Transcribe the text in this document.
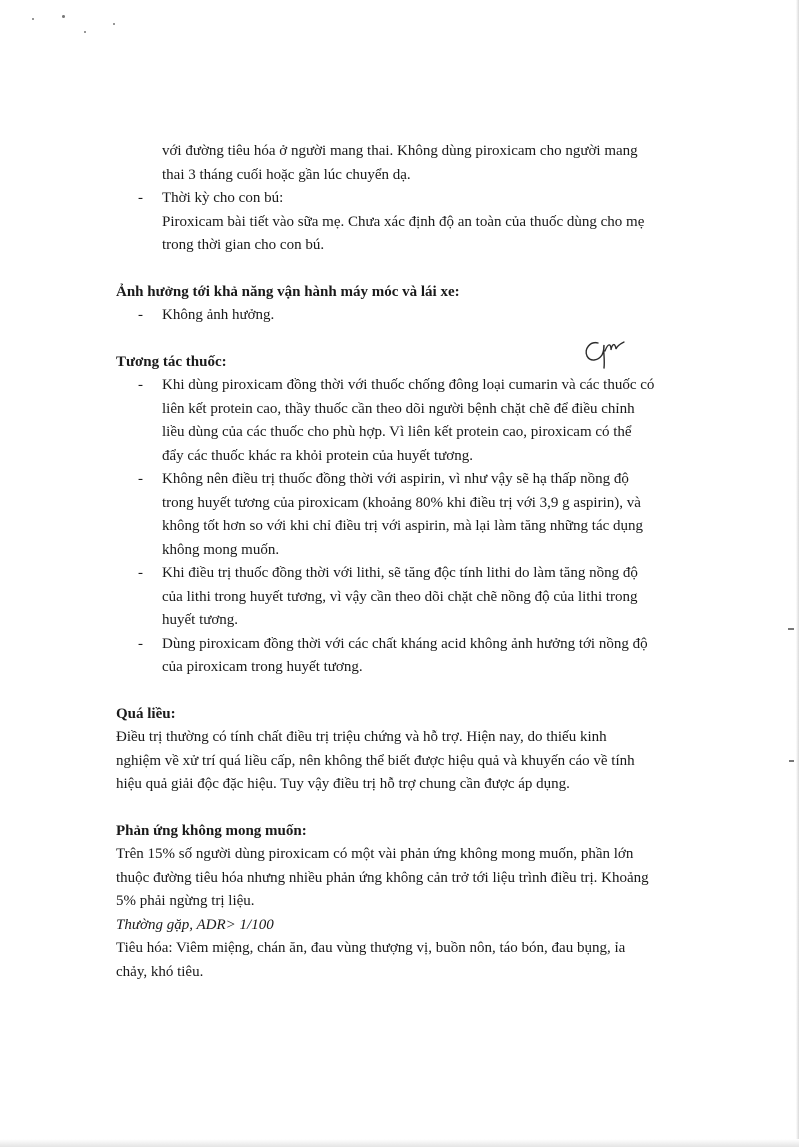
với đường tiêu hóa ở người mang thai. Không dùng piroxicam cho người mang
thai 3 tháng cuối hoặc gần lúc chuyển dạ.
- Thời kỳ cho con bú:
Piroxicam bài tiết vào sữa mẹ. Chưa xác định độ an toàn của thuốc dùng cho mẹ
trong thời gian cho con bú.
Ảnh hưởng tới khả năng vận hành máy móc và lái xe:
- Không ảnh hưởng.
Tương tác thuốc:
- Khi dùng piroxicam đồng thời với thuốc chống đông loại cumarin và các thuốc có
liên kết protein cao, thầy thuốc cần theo dõi người bệnh chặt chẽ để điều chỉnh
liều dùng của các thuốc cho phù hợp. Vì liên kết protein cao, piroxicam có thể
đẩy các thuốc khác ra khỏi protein của huyết tương.
- Không nên điều trị thuốc đồng thời với aspirin, vì như vậy sẽ hạ thấp nồng độ
trong huyết tương của piroxicam (khoảng 80% khi điều trị với 3,9 g aspirin), và
không tốt hơn so với khi chỉ điều trị với aspirin, mà lại làm tăng những tác dụng
không mong muốn.
- Khi điều trị thuốc đồng thời với lithi, sẽ tăng độc tính lithi do làm tăng nồng độ
của lithi trong huyết tương, vì vậy cần theo dõi chặt chẽ nồng độ của lithi trong
huyết tương.
- Dùng piroxicam đồng thời với các chất kháng acid không ảnh hưởng tới nồng độ
của piroxicam trong huyết tương.
Quá liều:
Điều trị thường có tính chất điều trị triệu chứng và hỗ trợ. Hiện nay, do thiếu kinh
nghiệm về xử trí quá liều cấp, nên không thể biết được hiệu quả và khuyến cáo về tính
hiệu quả giải độc đặc hiệu. Tuy vậy điều trị hỗ trợ chung cần được áp dụng.
Phản ứng không mong muốn:
Trên 15% số người dùng piroxicam có một vài phản ứng không mong muốn, phần lớn
thuộc đường tiêu hóa nhưng nhiều phản ứng không cản trở tới liệu trình điều trị. Khoảng
5% phải ngừng trị liệu.
Thường gặp, ADR> 1/100
Tiêu hóa: Viêm miệng, chán ăn, đau vùng thượng vị, buồn nôn, táo bón, đau bụng, ỉa
chảy, khó tiêu.
